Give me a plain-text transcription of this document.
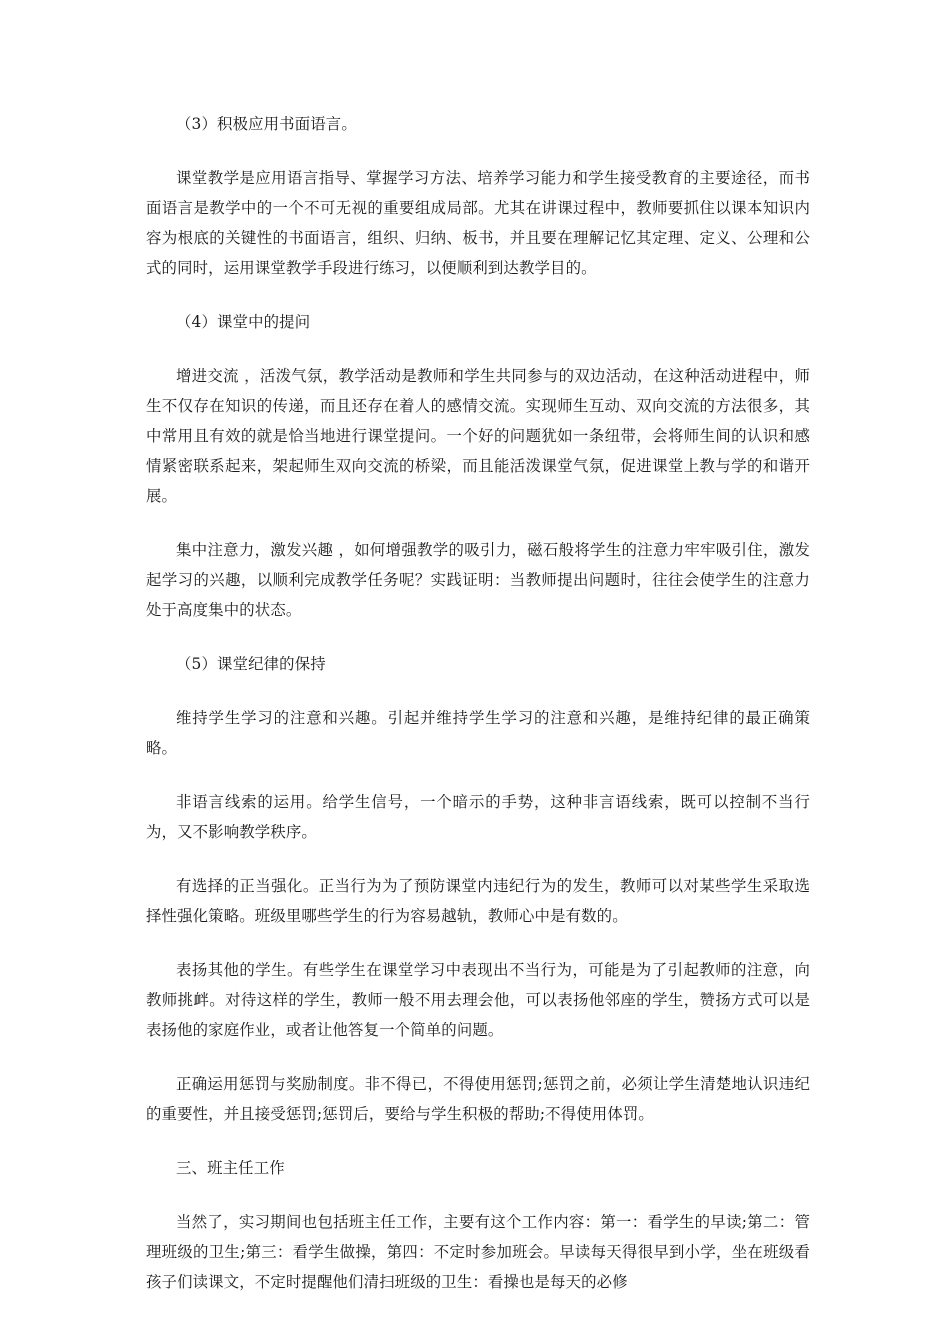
（3）积极应用书面语言。

课堂教学是应用语言指导、掌握学习方法、培养学习能力和学生接受教育的主要途径，而书面语言是教学中的一个不可无视的重要组成局部。尤其在讲课过程中，教师要抓住以课本知识内容为根底的关键性的书面语言，组织、归纳、板书，并且要在理解记忆其定理、定义、公理和公式的同时，运用课堂教学手段进行练习，以便顺利到达教学目的。

（4）课堂中的提问

增进交流 ，活泼气氛，教学活动是教师和学生共同参与的双边活动，在这种活动进程中，师生不仅存在知识的传递，而且还存在着人的感情交流。实现师生互动、双向交流的方法很多，其中常用且有效的就是恰当地进行课堂提问。一个好的问题犹如一条纽带，会将师生间的认识和感情紧密联系起来，架起师生双向交流的桥梁，而且能活泼课堂气氛，促进课堂上教与学的和谐开展。

集中注意力，激发兴趣 ，如何增强教学的吸引力，磁石般将学生的注意力牢牢吸引住，激发起学习的兴趣，以顺利完成教学任务呢？实践证明：当教师提出问题时，往往会使学生的注意力处于高度集中的状态。

（5）课堂纪律的保持

维持学生学习的注意和兴趣。引起并维持学生学习的注意和兴趣，是维持纪律的最正确策略。

非语言线索的运用。给学生信号，一个暗示的手势，这种非言语线索，既可以控制不当行为，又不影响教学秩序。

有选择的正当强化。正当行为为了预防课堂内违纪行为的发生，教师可以对某些学生采取选择性强化策略。班级里哪些学生的行为容易越轨，教师心中是有数的。

表扬其他的学生。有些学生在课堂学习中表现出不当行为，可能是为了引起教师的注意，向教师挑衅。对待这样的学生，教师一般不用去理会他，可以表扬他邻座的学生，赞扬方式可以是表扬他的家庭作业，或者让他答复一个简单的问题。

正确运用惩罚与奖励制度。非不得已，不得使用惩罚;惩罚之前，必须让学生清楚地认识违纪的重要性，并且接受惩罚;惩罚后，要给与学生积极的帮助;不得使用体罚。

三、班主任工作

当然了，实习期间也包括班主任工作，主要有这个工作内容：第一：看学生的早读;第二：管理班级的卫生;第三：看学生做操，第四：不定时参加班会。早读每天得很早到小学，坐在班级看孩子们读课文，不定时提醒他们清扫班级的卫生：看操也是每天的必修
